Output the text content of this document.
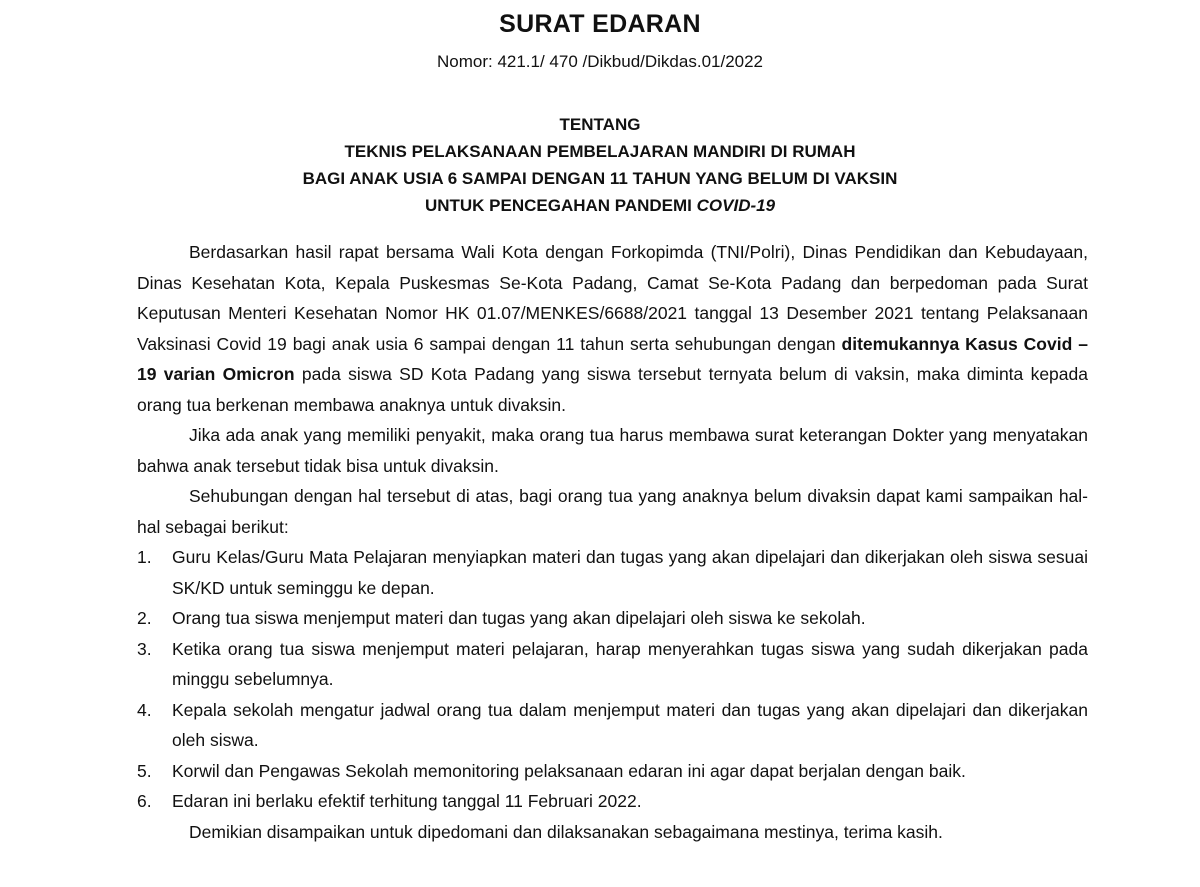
SURAT EDARAN
Nomor: 421.1/ 470 /Dikbud/Dikdas.01/2022
TENTANG
TEKNIS PELAKSANAAN PEMBELAJARAN MANDIRI DI RUMAH
BAGI ANAK USIA 6 SAMPAI DENGAN 11 TAHUN YANG BELUM DI VAKSIN
UNTUK PENCEGAHAN PANDEMI COVID-19

Berdasarkan hasil rapat bersama Wali Kota dengan Forkopimda (TNI/Polri), Dinas Pendidikan dan Kebudayaan, Dinas Kesehatan Kota, Kepala Puskesmas Se-Kota Padang, Camat Se-Kota Padang dan berpedoman pada Surat Keputusan Menteri Kesehatan Nomor HK 01.07/MENKES/6688/2021 tanggal 13 Desember 2021 tentang Pelaksanaan Vaksinasi Covid 19 bagi anak usia 6 sampai dengan 11 tahun serta sehubungan dengan ditemukannya Kasus Covid – 19 varian Omicron pada siswa SD Kota Padang yang siswa tersebut ternyata belum di vaksin, maka diminta kepada orang tua berkenan membawa anaknya untuk divaksin.

Jika ada anak yang memiliki penyakit, maka orang tua harus membawa surat keterangan Dokter yang menyatakan bahwa anak tersebut tidak bisa untuk divaksin.

Sehubungan dengan hal tersebut di atas, bagi orang tua yang anaknya belum divaksin dapat kami sampaikan hal-hal sebagai berikut:

1. Guru Kelas/Guru Mata Pelajaran menyiapkan materi dan tugas yang akan dipelajari dan dikerjakan oleh siswa sesuai SK/KD untuk seminggu ke depan.
2. Orang tua siswa menjemput materi dan tugas yang akan dipelajari oleh siswa ke sekolah.
3. Ketika orang tua siswa menjemput materi pelajaran, harap menyerahkan tugas siswa yang sudah dikerjakan pada minggu sebelumnya.
4. Kepala sekolah mengatur jadwal orang tua dalam menjemput materi dan tugas yang akan dipelajari dan dikerjakan oleh siswa.
5. Korwil dan Pengawas Sekolah memonitoring pelaksanaan edaran ini agar dapat berjalan dengan baik.
6. Edaran ini berlaku efektif terhitung tanggal 11 Februari 2022.

Demikian disampaikan untuk dipedomani dan dilaksanakan sebagaimana mestinya, terima kasih.
